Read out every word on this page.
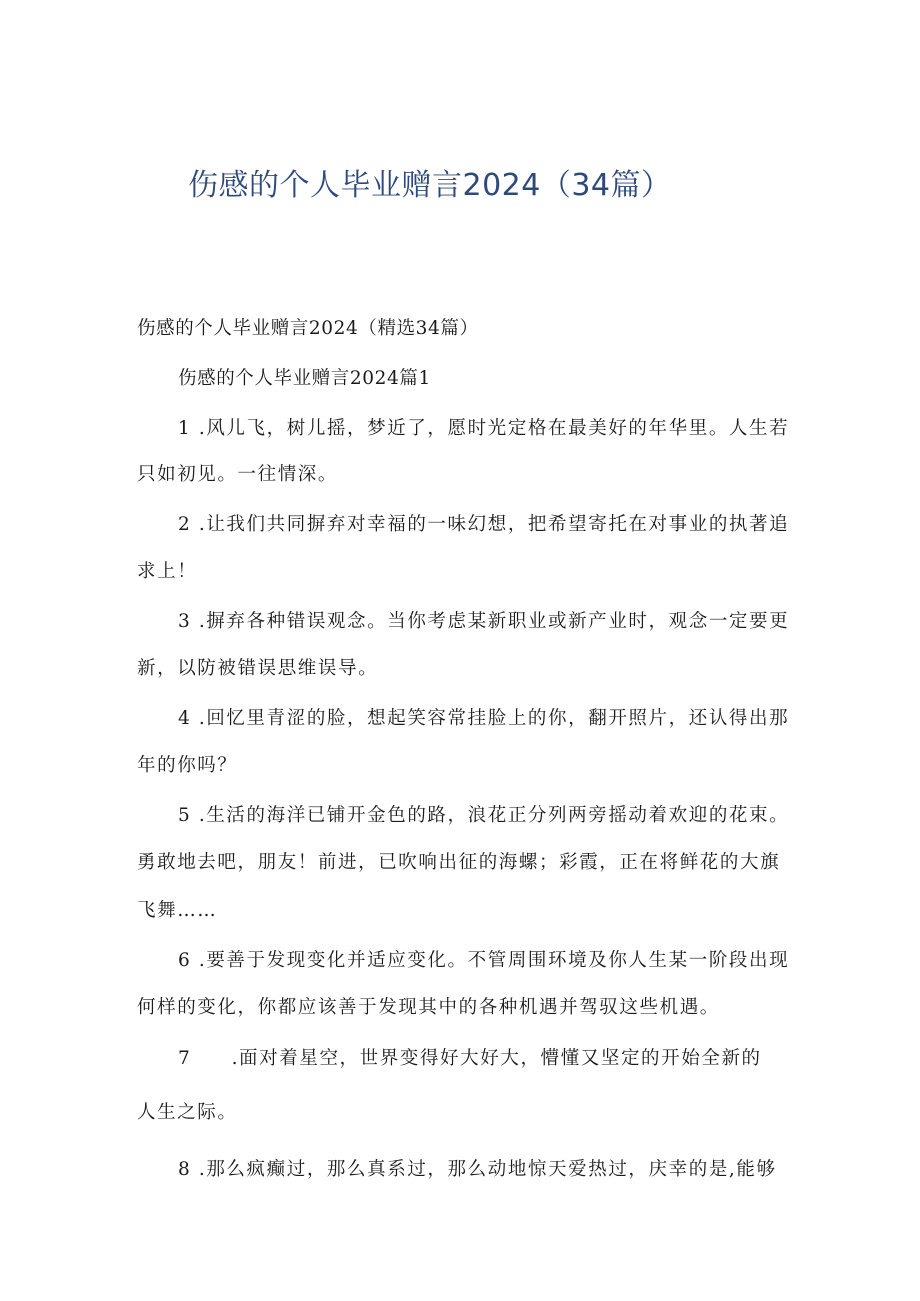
伤感的个人毕业赠言2024（34篇）
伤感的个人毕业赠言2024（精选34篇）
伤感的个人毕业赠言2024篇1
1 .风儿飞，树儿摇，梦近了，愿时光定格在最美好的年华里。人生若
只如初见。一往情深。
2 .让我们共同摒弃对幸福的一味幻想，把希望寄托在对事业的执著追
求上！
3 .摒弃各种错误观念。当你考虑某新职业或新产业时，观念一定要更
新，以防被错误思维误导。
4 .回忆里青涩的脸，想起笑容常挂脸上的你，翻开照片，还认得出那
年的你吗？
5 .生活的海洋已铺开金色的路，浪花正分列两旁摇动着欢迎的花束。
勇敢地去吧，朋友！前进，已吹响出征的海螺；彩霞，正在将鲜花的大旗
飞舞……
6 .要善于发现变化并适应变化。不管周围环境及你人生某一阶段出现
何样的变化，你都应该善于发现其中的各种机遇并驾驭这些机遇。
7　　.面对着星空，世界变得好大好大，懵懂又坚定的开始全新的
人生之际。
8 .那么疯癫过，那么真系过，那么动地惊天爱热过，庆幸的是,能够
